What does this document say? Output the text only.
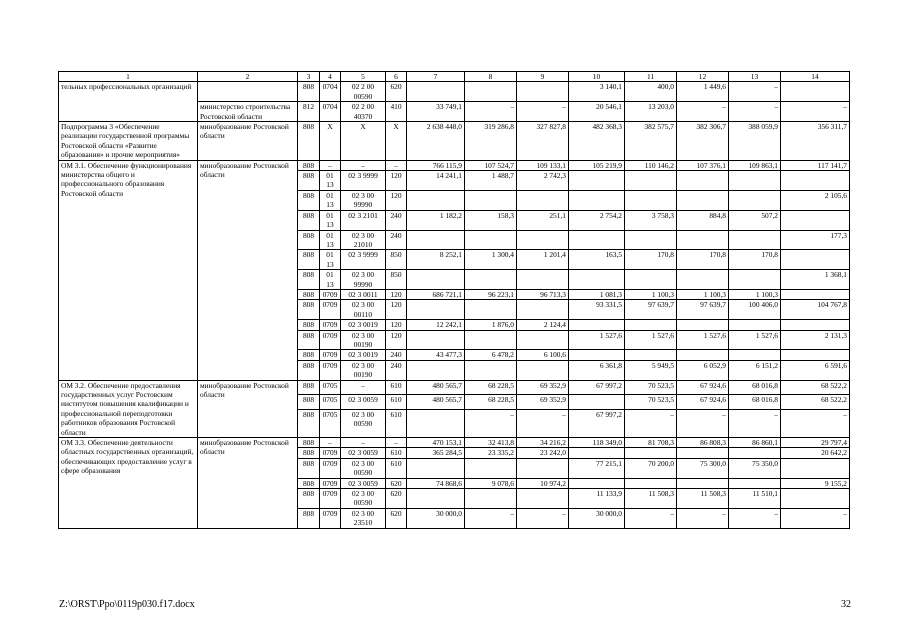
1	2	3	4	5	6	7	8	9	10	11	12	13	14
тельных профессиональных организаций		808	0704	02 2 00 00590	620				3 140,1	400,0	1 449,6	–	
	министерство строительства Ростовской области	812	0704	02 2 00 40370	410	33 749,1	–	–	20 546,1	13 203,0	–	–	–
Подпрограмма 3 «Обеспечение реализации государственной программы Ростовской области «Развитие образования» и прочие мероприятия»	минобразование Ростовской области	808	Х	Х	Х	2 638 448,0	319 286,8	327 827,8	482 368,3	382 575,7	382 306,7	388 059,9	356 311,7
ОМ 3.1. Обеспечение функционирования министерства общего и профессионального образования Ростовской области	минобразование Ростовской области	808	–	–	–	766 115,9	107 524,7	109 133,1	105 219,9	110 146,2	107 376,1	109 863,1	117 141,7
		808	01 13	02 3 9999	120	14 241,1	1 488,7	2 742,3					
		808	01 13	02 3 00 99990	120								2 105,6
		808	01 13	02 3 2101	240	1 182,2	158,3	251,1	2 754,2	3 758,3	884,8	507,2	
		808	01 13	02 3 00 21010	240								177,3
		808	01 13	02 3 9999	850	8 252,1	1 300,4	1 201,4	163,5	170,8	170,8	170,8	
		808	01 13	02 3 00 99990	850								1 368,1
		808	0709	02 3 0011	120	686 721,1	96 223,1	96 713,3	1 081,3	1 100,3	1 100,3	1 100,3	
		808	0709	02 3 00 00110	120				93 331,5	97 639,7	97 639,7	100 406,0	104 767,8
		808	0709	02 3 0019	120	12 242,1	1 876,0	2 124,4					
		808	0709	02 3 00 00190	120				1 527,6	1 527,6	1 527,6	1 527,6	2 131,3
		808	0709	02 3 0019	240	43 477,3	6 478,2	6 100,6					
		808	0709	02 3 00 00190	240				6 361,8	5 949,5	6 052,9	6 151,2	6 591,6
ОМ 3.2. Обеспечение предоставления государственных услуг Ростовским институтом повышения квалификации и профессиональной переподготовки работников образования Ростовской области	минобразование Ростовской области	808	0705	–	610	480 565,7	68 228,5	69 352,9	67 997,2	70 523,5	67 924,6	68 016,8	68 522,2
		808	0705	02 3 0059	610	480 565,7	68 228,5	69 352,9		70 523,5	67 924,6	68 016,8	68 522,2
		808	0705	02 3 00 00590	610		–	–	67 997,2	–	–	–	–
ОМ 3.3. Обеспечение деятельности областных государственных организаций, обеспечивающих предоставление услуг в сфере образования	минобразование Ростовской области	808	–	–	–	470 153,1	32 413,8	34 216,2	118 349,0	81 708,3	86 808,3	86 860,1	29 797,4
		808	0709	02 3 0059	610	365 284,5	23 335,2	23 242,0					20 642,2
		808	0709	02 3 00 00590	610				77 215,1	70 200,0	75 300,0	75 350,0	
		808	0709	02 3 0059	620	74 868,6	9 078,6	10 974,2					9 155,2
		808	0709	02 3 00 00590	620				11 133,9	11 508,3	11 508,3	11 510,1	
		808	0709	02 3 00 23510	620	30 000,0	–	–	30 000,0	–	–	–	–
Z:\ORST\Ppo\0119p030.f17.docx	32
